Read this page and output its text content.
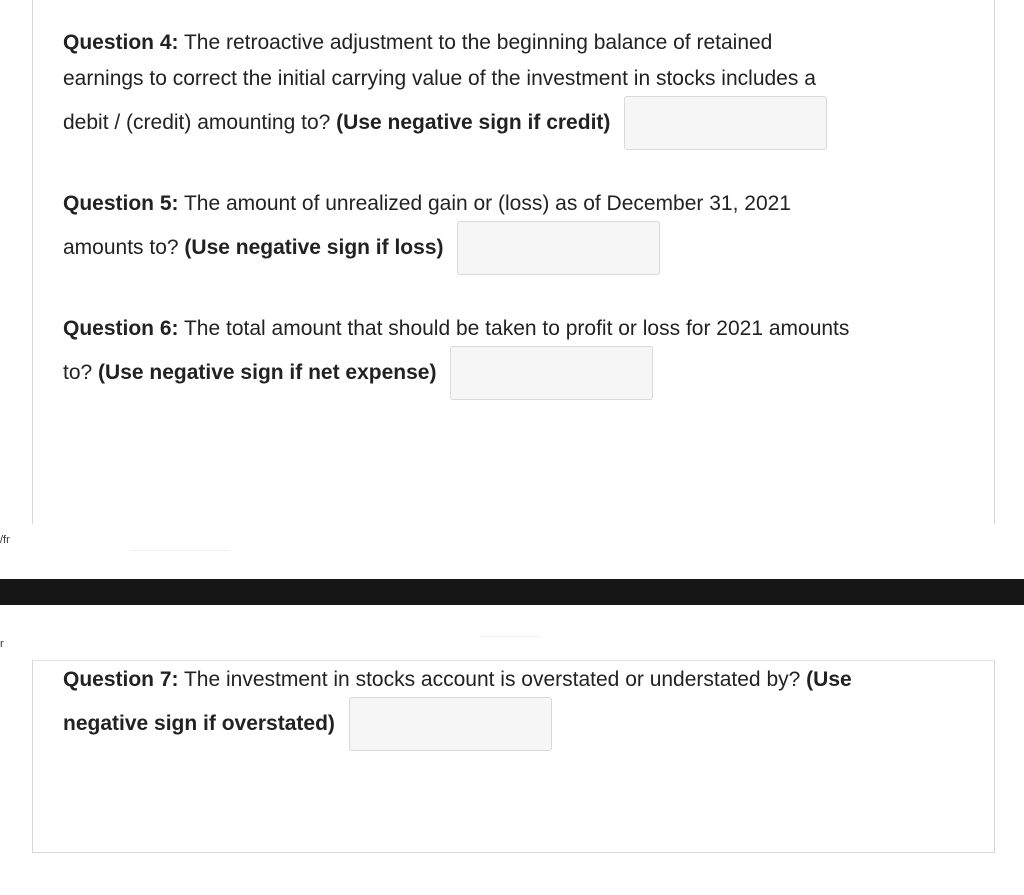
Question 4: The retroactive adjustment to the beginning balance of retained
earnings to correct the initial carrying value of the investment in stocks includes a
debit / (credit) amounting to? (Use negative sign if credit)
Question 5: The amount of unrealized gain or (loss) as of December 31, 2021
amounts to? (Use negative sign if loss)
Question 6: The total amount that should be taken to profit or loss for 2021 amounts
to? (Use negative sign if net expense)
/fr
r
Question 7: The investment in stocks account is overstated or understated by? (Use
negative sign if overstated)
